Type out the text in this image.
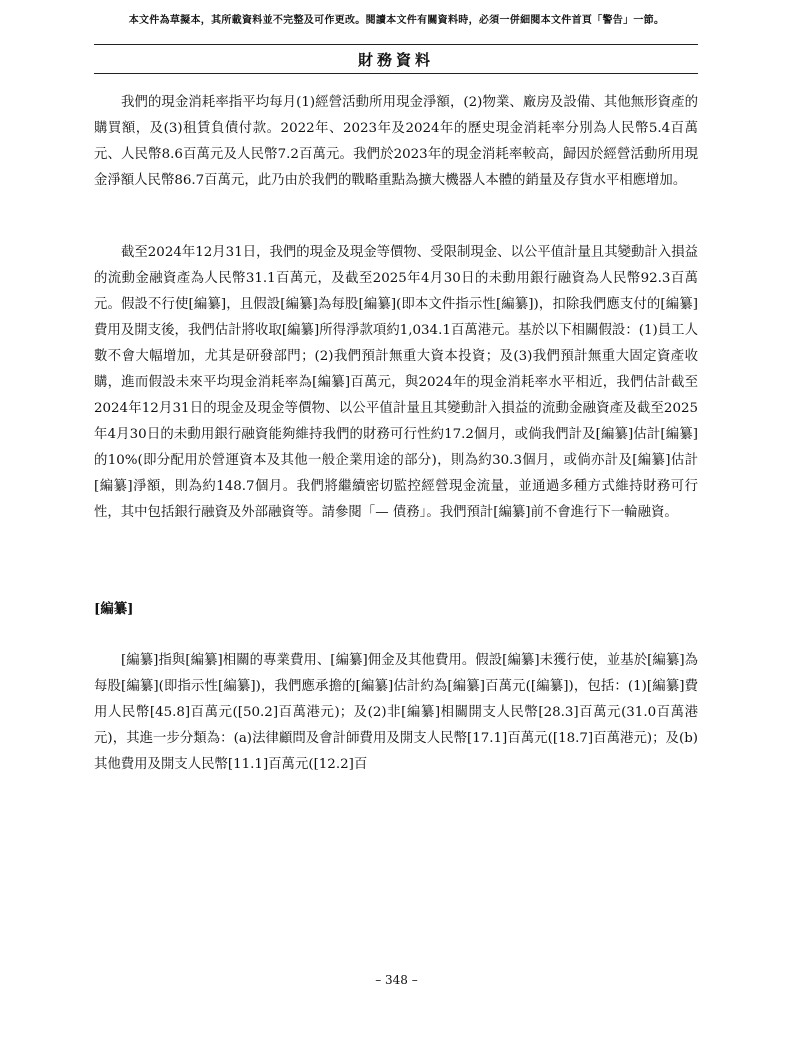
本文件為草擬本，其所載資料並不完整及可作更改。閱讀本文件有關資料時，必須一併細閱本文件首頁「警告」一節。
財務資料

我們的現金消耗率指平均每月(1)經營活動所用現金淨額，(2)物業、廠房及設備、其他無形資產的購買額，及(3)租賃負債付款。2022年、2023年及2024年的歷史現金消耗率分別為人民幣5.4百萬元、人民幣8.6百萬元及人民幣7.2百萬元。我們於2023年的現金消耗率較高，歸因於經營活動所用現金淨額人民幣86.7百萬元，此乃由於我們的戰略重點為擴大機器人本體的銷量及存貨水平相應增加。

截至2024年12月31日，我們的現金及現金等價物、受限制現金、以公平值計量且其變動計入損益的流動金融資產為人民幣31.1百萬元，及截至2025年4月30日的未動用銀行融資為人民幣92.3百萬元。假設不行使[編纂]，且假設[編纂]為每股[編纂](即本文件指示性[編纂])，扣除我們應支付的[編纂]費用及開支後，我們估計將收取[編纂]所得淨款項約1,034.1百萬港元。基於以下相關假設：(1)員工人數不會大幅增加，尤其是研發部門；(2)我們預計無重大資本投資；及(3)我們預計無重大固定資產收購，進而假設未來平均現金消耗率為[編纂]百萬元，與2024年的現金消耗率水平相近，我們估計截至2024年12月31日的現金及現金等價物、以公平值計量且其變動計入損益的流動金融資產及截至2025年4月30日的未動用銀行融資能夠維持我們的財務可行性約17.2個月，或倘我們計及[編纂]估計[編纂]的10%(即分配用於營運資本及其他一般企業用途的部分)，則為約30.3個月，或倘亦計及[編纂]估計[編纂]淨額，則為約148.7個月。我們將繼續密切監控經營現金流量，並通過多種方式維持財務可行性，其中包括銀行融資及外部融資等。請參閱「— 債務」。我們預計[編纂]前不會進行下一輪融資。

[編纂]

[編纂]指與[編纂]相關的專業費用、[編纂]佣金及其他費用。假設[編纂]未獲行使，並基於[編纂]為每股[編纂](即指示性[編纂])，我們應承擔的[編纂]估計約為[編纂]百萬元([編纂])，包括：(1)[編纂]費用人民幣[45.8]百萬元([50.2]百萬港元)；及(2)非[編纂]相關開支人民幣[28.3]百萬元(31.0百萬港元)，其進一步分類為：(a)法律顧問及會計師費用及開支人民幣[17.1]百萬元([18.7]百萬港元)；及(b)其他費用及開支人民幣[11.1]百萬元([12.2]百

– 348 –
